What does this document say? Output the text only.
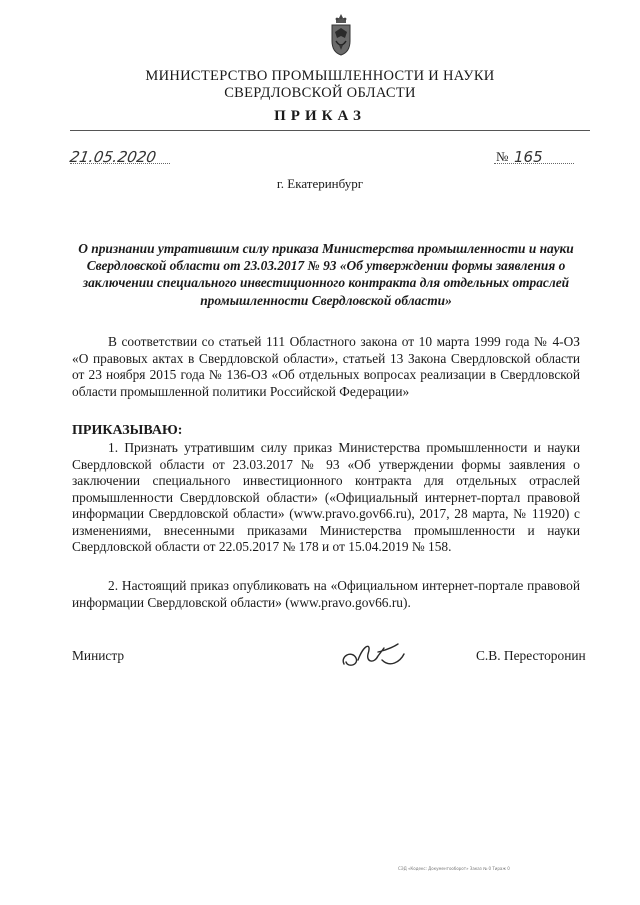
МИНИСТЕРСТВО ПРОМЫШЛЕННОСТИ И НАУКИ
СВЕРДЛОВСКОЙ ОБЛАСТИ
ПРИКАЗ
21.05.2020	№ 165
г. Екатеринбург
О признании утратившим силу приказа Министерства промышленности и науки Свердловской области от 23.03.2017 № 93 «Об утверждении формы заявления о заключении специального инвестиционного контракта для отдельных отраслей промышленности Свердловской области»
В соответствии со статьей 111 Областного закона от 10 марта 1999 года № 4-ОЗ «О правовых актах в Свердловской области», статьей 13 Закона Свердловской области от 23 ноября 2015 года № 136-ОЗ «Об отдельных вопросах реализации в Свердловской области промышленной политики Российской Федерации»
ПРИКАЗЫВАЮ:
1. Признать утратившим силу приказ Министерства промышленности и науки Свердловской области от 23.03.2017 № 93 «Об утверждении формы заявления о заключении специального инвестиционного контракта для отдельных отраслей промышленности Свердловской области» («Официальный интернет-портал правовой информации Свердловской области» (www.pravo.gov66.ru), 2017, 28 марта, № 11920) с изменениями, внесенными приказами Министерства промышленности и науки Свердловской области от 22.05.2017 № 178 и от 15.04.2019 № 158.
2. Настоящий приказ опубликовать на «Официальном интернет-портале правовой информации Свердловской области» (www.pravo.gov66.ru).
Министр	С.В. Пересторонин
СЭД «Кодекс: Документооборот» Заказ № 0 Тираж 0
